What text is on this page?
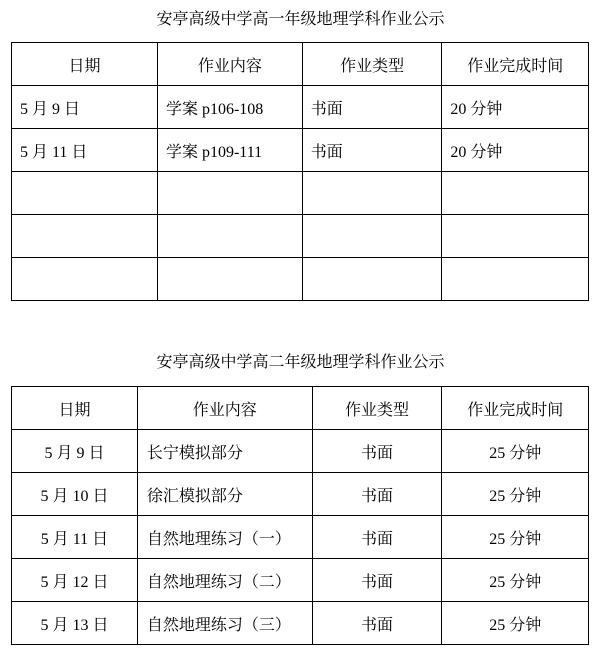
安亭高级中学高一年级地理学科作业公示
日期	作业内容	作业类型	作业完成时间
5 月 9 日	学案 p106-108	书面	20 分钟
5 月 11 日	学案 p109-111	书面	20 分钟

安亭高级中学高二年级地理学科作业公示
日期	作业内容	作业类型	作业完成时间
5 月 9 日	长宁模拟部分	书面	25 分钟
5 月 10 日	徐汇模拟部分	书面	25 分钟
5 月 11 日	自然地理练习（一）	书面	25 分钟
5 月 12 日	自然地理练习（二）	书面	25 分钟
5 月 13 日	自然地理练习（三）	书面	25 分钟
